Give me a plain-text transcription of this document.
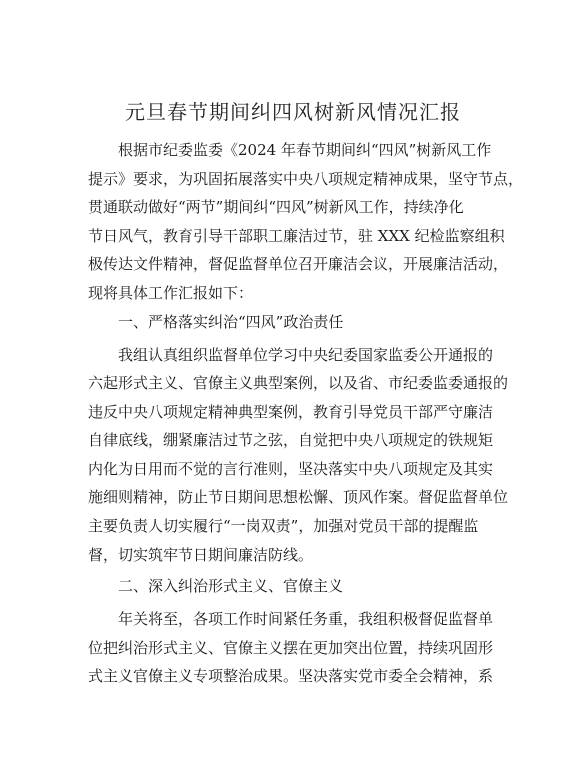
元旦春节期间纠四风树新风情况汇报
根据市纪委监委《2024 年春节期间纠“四风”树新风工作
提示》要求，为巩固拓展落实中央八项规定精神成果，坚守节点，
贯通联动做好“两节”期间纠“四风”树新风工作，持续净化
节日风气，教育引导干部职工廉洁过节，驻 XXX 纪检监察组积
极传达文件精神，督促监督单位召开廉洁会议，开展廉洁活动，
现将具体工作汇报如下：
一、严格落实纠治“四风”政治责任
我组认真组织监督单位学习中央纪委国家监委公开通报的
六起形式主义、官僚主义典型案例，以及省、市纪委监委通报的
违反中央八项规定精神典型案例，教育引导党员干部严守廉洁
自律底线，绷紧廉洁过节之弦，自觉把中央八项规定的铁规矩
内化为日用而不觉的言行准则，坚决落实中央八项规定及其实
施细则精神，防止节日期间思想松懈、顶风作案。督促监督单位
主要负责人切实履行“一岗双责”，加强对党员干部的提醒监
督，切实筑牢节日期间廉洁防线。
二、深入纠治形式主义、官僚主义
年关将至，各项工作时间紧任务重，我组积极督促监督单
位把纠治形式主义、官僚主义摆在更加突出位置，持续巩固形
式主义官僚主义专项整治成果。坚决落实党市委全会精神，系
